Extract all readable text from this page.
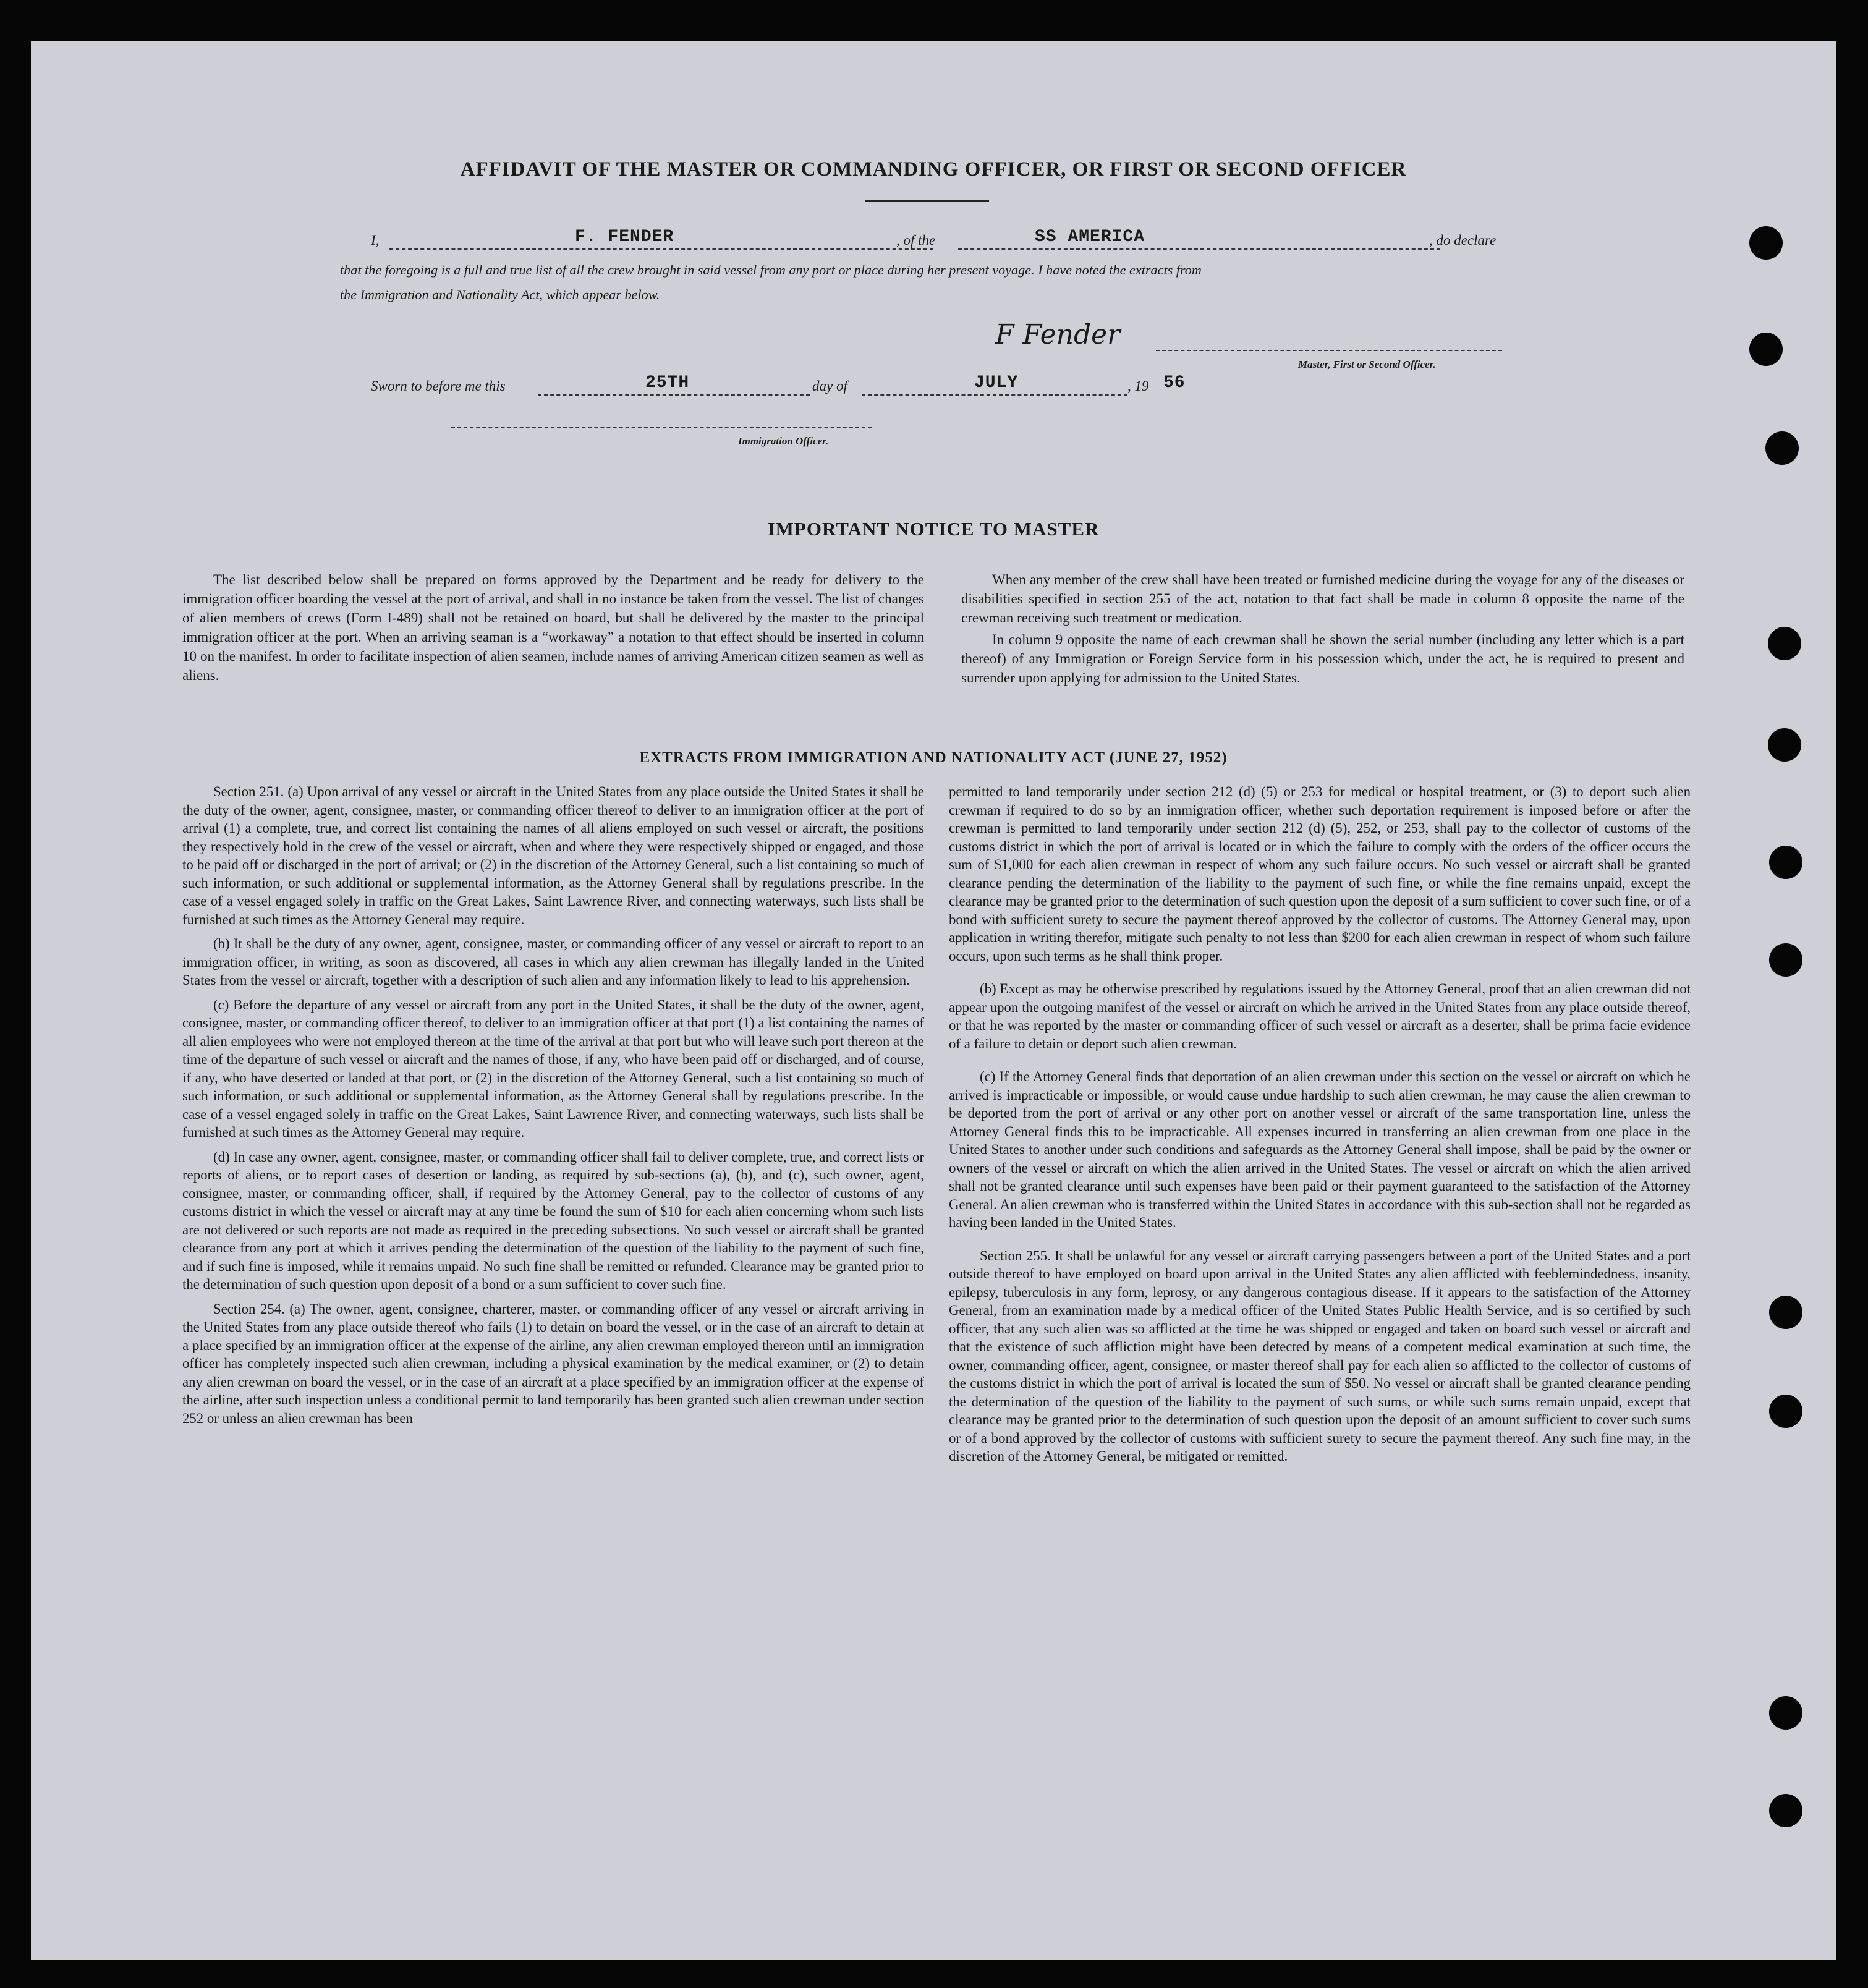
AFFIDAVIT OF THE MASTER OR COMMANDING OFFICER, OR FIRST OR SECOND OFFICER
I,	F. FENDER	, of the	SS AMERICA	, do declare
that the foregoing is a full and true list of all the crew brought in said vessel from any port or place during her present voyage. I have noted the extracts from
the Immigration and Nationality Act, which appear below.
F Fender
Master, First or Second Officer.
Sworn to before me this	25TH	day of	JULY	, 19 56
Immigration Officer.
IMPORTANT NOTICE TO MASTER

The list described below shall be prepared on forms approved by the Department and be ready for delivery to the immigration officer boarding the vessel at the port of arrival, and shall in no instance be taken from the vessel. The list of changes of alien members of crews (Form I-489) shall not be retained on board, but shall be delivered by the master to the principal immigration officer at the port. When an arriving seaman is a “workaway” a notation to that effect should be inserted in column 10 on the manifest. In order to facilitate inspection of alien seamen, include names of arriving American citizen seamen as well as aliens.

When any member of the crew shall have been treated or furnished medicine during the voyage for any of the diseases or disabilities specified in section 255 of the act, notation to that fact shall be made in column 8 opposite the name of the crewman receiving such treatment or medication.

In column 9 opposite the name of each crewman shall be shown the serial number (including any letter which is a part thereof) of any Immigration or Foreign Service form in his possession which, under the act, he is required to present and surrender upon applying for admission to the United States.

EXTRACTS FROM IMMIGRATION AND NATIONALITY ACT (JUNE 27, 1952)

Section 251. (a) Upon arrival of any vessel or aircraft in the United States from any place outside the United States it shall be the duty of the owner, agent, consignee, master, or commanding officer thereof to deliver to an immigration officer at the port of arrival (1) a complete, true, and correct list containing the names of all aliens employed on such vessel or aircraft, the positions they respectively hold in the crew of the vessel or aircraft, when and where they were respectively shipped or engaged, and those to be paid off or discharged in the port of arrival; or (2) in the discretion of the Attorney General, such a list containing so much of such information, or such additional or supplemental information, as the Attorney General shall by regulations prescribe. In the case of a vessel engaged solely in traffic on the Great Lakes, Saint Lawrence River, and connecting waterways, such lists shall be furnished at such times as the Attorney General may require.

(b) It shall be the duty of any owner, agent, consignee, master, or commanding officer of any vessel or aircraft to report to an immigration officer, in writing, as soon as discovered, all cases in which any alien crewman has illegally landed in the United States from the vessel or aircraft, together with a description of such alien and any information likely to lead to his apprehension.

(c) Before the departure of any vessel or aircraft from any port in the United States, it shall be the duty of the owner, agent, consignee, master, or commanding officer thereof, to deliver to an immigration officer at that port (1) a list containing the names of all alien employees who were not employed thereon at the time of the arrival at that port but who will leave such port thereon at the time of the departure of such vessel or aircraft and the names of those, if any, who have been paid off or discharged, and of course, if any, who have deserted or landed at that port, or (2) in the discretion of the Attorney General, such a list containing so much of such information, or such additional or supplemental information, as the Attorney General shall by regulations prescribe. In the case of a vessel engaged solely in traffic on the Great Lakes, Saint Lawrence River, and connecting waterways, such lists shall be furnished at such times as the Attorney General may require.

(d) In case any owner, agent, consignee, master, or commanding officer shall fail to deliver complete, true, and correct lists or reports of aliens, or to report cases of desertion or landing, as required by sub-sections (a), (b), and (c), such owner, agent, consignee, master, or commanding officer, shall, if required by the Attorney General, pay to the collector of customs of any customs district in which the vessel or aircraft may at any time be found the sum of $10 for each alien concerning whom such lists are not delivered or such reports are not made as required in the preceding subsections. No such vessel or aircraft shall be granted clearance from any port at which it arrives pending the determination of the question of the liability to the payment of such fine, and if such fine is imposed, while it remains unpaid. No such fine shall be remitted or refunded. Clearance may be granted prior to the determination of such question upon deposit of a bond or a sum sufficient to cover such fine.

Section 254. (a) The owner, agent, consignee, charterer, master, or commanding officer of any vessel or aircraft arriving in the United States from any place outside thereof who fails (1) to detain on board the vessel, or in the case of an aircraft to detain at a place specified by an immigration officer at the expense of the airline, any alien crewman employed thereon until an immigration officer has completely inspected such alien crewman, including a physical examination by the medical examiner, or (2) to detain any alien crewman on board the vessel, or in the case of an aircraft at a place specified by an immigration officer at the expense of the airline, after such inspection unless a conditional permit to land temporarily has been granted such alien crewman under section 252 or unless an alien crewman has been

permitted to land temporarily under section 212 (d) (5) or 253 for medical or hospital treatment, or (3) to deport such alien crewman if required to do so by an immigration officer, whether such deportation requirement is imposed before or after the crewman is permitted to land temporarily under section 212 (d) (5), 252, or 253, shall pay to the collector of customs of the customs district in which the port of arrival is located or in which the failure to comply with the orders of the officer occurs the sum of $1,000 for each alien crewman in respect of whom any such failure occurs. No such vessel or aircraft shall be granted clearance pending the determination of the liability to the payment of such fine, or while the fine remains unpaid, except the clearance may be granted prior to the determination of such question upon the deposit of a sum sufficient to cover such fine, or of a bond with sufficient surety to secure the payment thereof approved by the collector of customs. The Attorney General may, upon application in writing therefor, mitigate such penalty to not less than $200 for each alien crewman in respect of whom such failure occurs, upon such terms as he shall think proper.

(b) Except as may be otherwise prescribed by regulations issued by the Attorney General, proof that an alien crewman did not appear upon the outgoing manifest of the vessel or aircraft on which he arrived in the United States from any place outside thereof, or that he was reported by the master or commanding officer of such vessel or aircraft as a deserter, shall be prima facie evidence of a failure to detain or deport such alien crewman.

(c) If the Attorney General finds that deportation of an alien crewman under this section on the vessel or aircraft on which he arrived is impracticable or impossible, or would cause undue hardship to such alien crewman, he may cause the alien crewman to be deported from the port of arrival or any other port on another vessel or aircraft of the same transportation line, unless the Attorney General finds this to be impracticable. All expenses incurred in transferring an alien crewman from one place in the United States to another under such conditions and safeguards as the Attorney General shall impose, shall be paid by the owner or owners of the vessel or aircraft on which the alien arrived in the United States. The vessel or aircraft on which the alien arrived shall not be granted clearance until such expenses have been paid or their payment guaranteed to the satisfaction of the Attorney General. An alien crewman who is transferred within the United States in accordance with this sub-section shall not be regarded as having been landed in the United States.

Section 255. It shall be unlawful for any vessel or aircraft carrying passengers between a port of the United States and a port outside thereof to have employed on board upon arrival in the United States any alien afflicted with feeblemindedness, insanity, epilepsy, tuberculosis in any form, leprosy, or any dangerous contagious disease. If it appears to the satisfaction of the Attorney General, from an examination made by a medical officer of the United States Public Health Service, and is so certified by such officer, that any such alien was so afflicted at the time he was shipped or engaged and taken on board such vessel or aircraft and that the existence of such affliction might have been detected by means of a competent medical examination at such time, the owner, commanding officer, agent, consignee, or master thereof shall pay for each alien so afflicted to the collector of customs of the customs district in which the port of arrival is located the sum of $50. No vessel or aircraft shall be granted clearance pending the determination of the question of the liability to the payment of such sums, or while such sums remain unpaid, except that clearance may be granted prior to the determination of such question upon the deposit of an amount sufficient to cover such sums or of a bond approved by the collector of customs with sufficient surety to secure the payment thereof. Any such fine may, in the discretion of the Attorney General, be mitigated or remitted.
